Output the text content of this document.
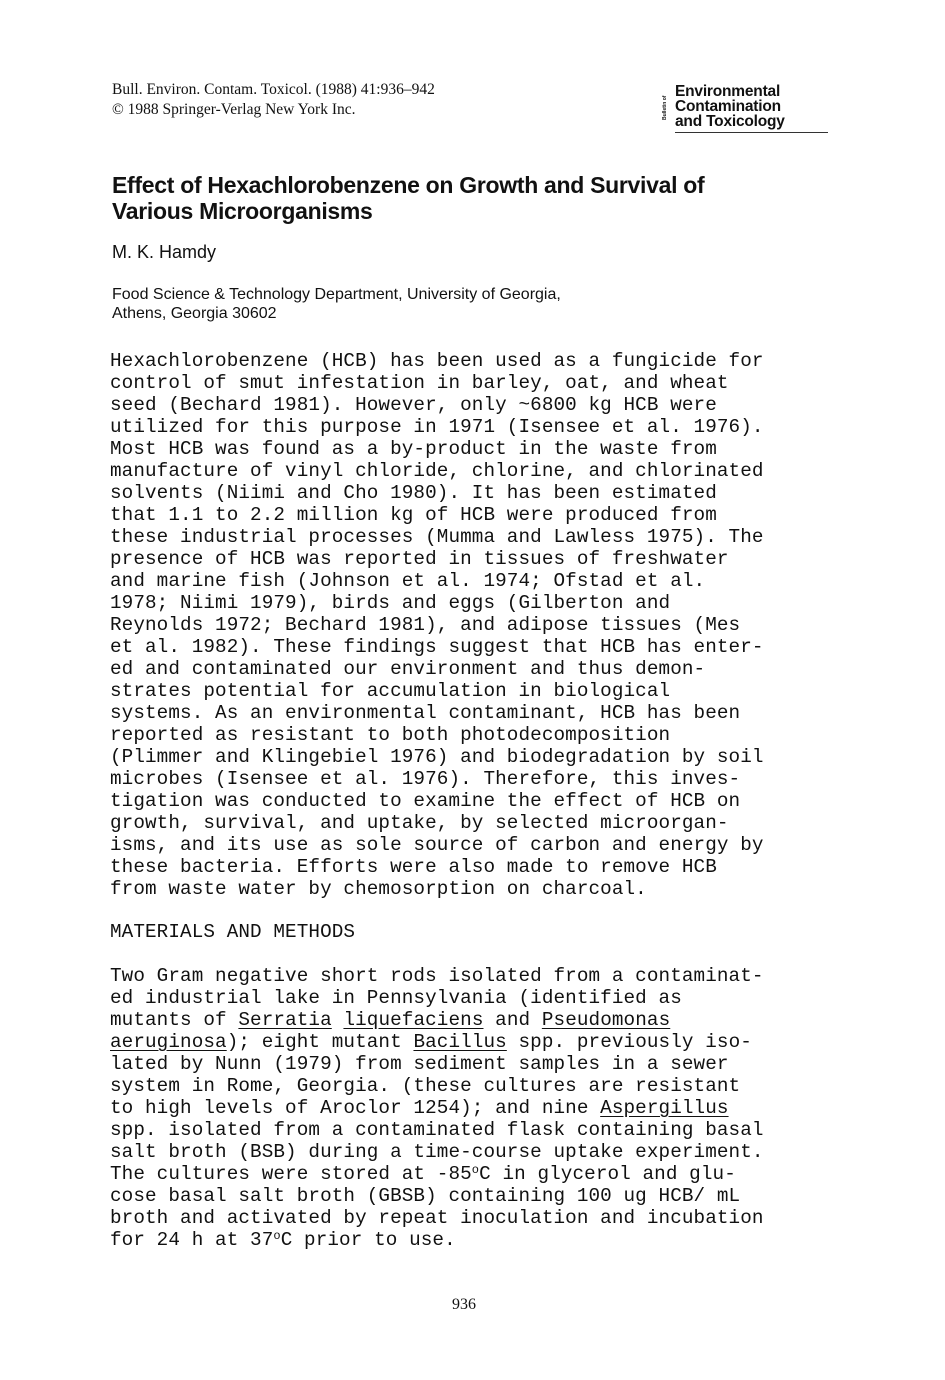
Bull. Environ. Contam. Toxicol. (1988) 41:936–942
© 1988 Springer-Verlag New York Inc.	Bulletin of
Environmental
Contamination
and Toxicology
Effect of Hexachlorobenzene on Growth and Survival of
Various Microorganisms
M. K. Hamdy
Food Science & Technology Department, University of Georgia,
Athens, Georgia 30602
Hexachlorobenzene (HCB) has been used as a fungicide for
control of smut infestation in barley, oat, and wheat
seed (Bechard 1981). However, only ~6800 kg HCB were
utilized for this purpose in 1971 (Isensee et al. 1976).
Most HCB was found as a by-product in the waste from
manufacture of vinyl chloride, chlorine, and chlorinated
solvents (Niimi and Cho 1980). It has been estimated
that 1.1 to 2.2 million kg of HCB were produced from
these industrial processes (Mumma and Lawless 1975). The
presence of HCB was reported in tissues of freshwater
and marine fish (Johnson et al. 1974; Ofstad et al.
1978; Niimi 1979), birds and eggs (Gilberton and
Reynolds 1972; Bechard 1981), and adipose tissues (Mes
et al. 1982). These findings suggest that HCB has enter-
ed and contaminated our environment and thus demon-
strates potential for accumulation in biological
systems. As an environmental contaminant, HCB has been
reported as resistant to both photodecomposition
(Plimmer and Klingebiel 1976) and biodegradation by soil
microbes (Isensee et al. 1976). Therefore, this inves-
tigation was conducted to examine the effect of HCB on
growth, survival, and uptake, by selected microorgan-
isms, and its use as sole source of carbon and energy by
these bacteria. Efforts were also made to remove HCB
from waste water by chemosorption on charcoal.
MATERIALS AND METHODS
Two Gram negative short rods isolated from a contaminat-
ed industrial lake in Pennsylvania (identified as
mutants of Serratia liquefaciens and Pseudomonas
aeruginosa); eight mutant Bacillus spp. previously iso-
lated by Nunn (1979) from sediment samples in a sewer
system in Rome, Georgia. (these cultures are resistant
to high levels of Aroclor 1254); and nine Aspergillus
spp. isolated from a contaminated flask containing basal
salt broth (BSB) during a time-course uptake experiment.
The cultures were stored at -85$^o$C in glycerol and glu-
cose basal salt broth (GBSB) containing 100 ug HCB/ mL
broth and activated by repeat inoculation and incubation
for 24 h at 37$^o$C prior to use.
936
